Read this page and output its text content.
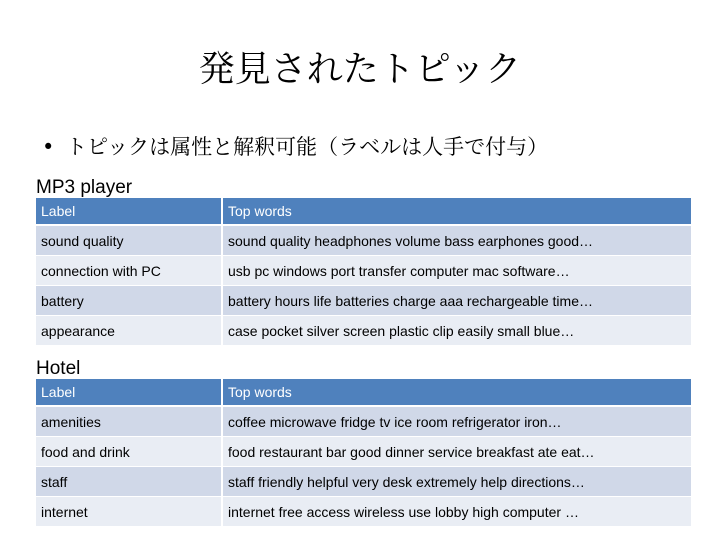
発見されたトピック
• トピックは属性と解釈可能（ラベルは人手で付与）
MP3 player
Label	Top words
sound quality	sound quality headphones volume bass earphones good…
connection with PC	usb pc windows port transfer computer mac software…
battery	battery hours life batteries charge aaa rechargeable time…
appearance	case pocket silver screen plastic clip easily small blue…
Hotel
Label	Top words
amenities	coffee microwave fridge tv ice room refrigerator iron…
food and drink	food restaurant bar good dinner service breakfast ate eat…
staff	staff friendly helpful very desk extremely help directions…
internet	internet free access wireless use lobby high computer …
